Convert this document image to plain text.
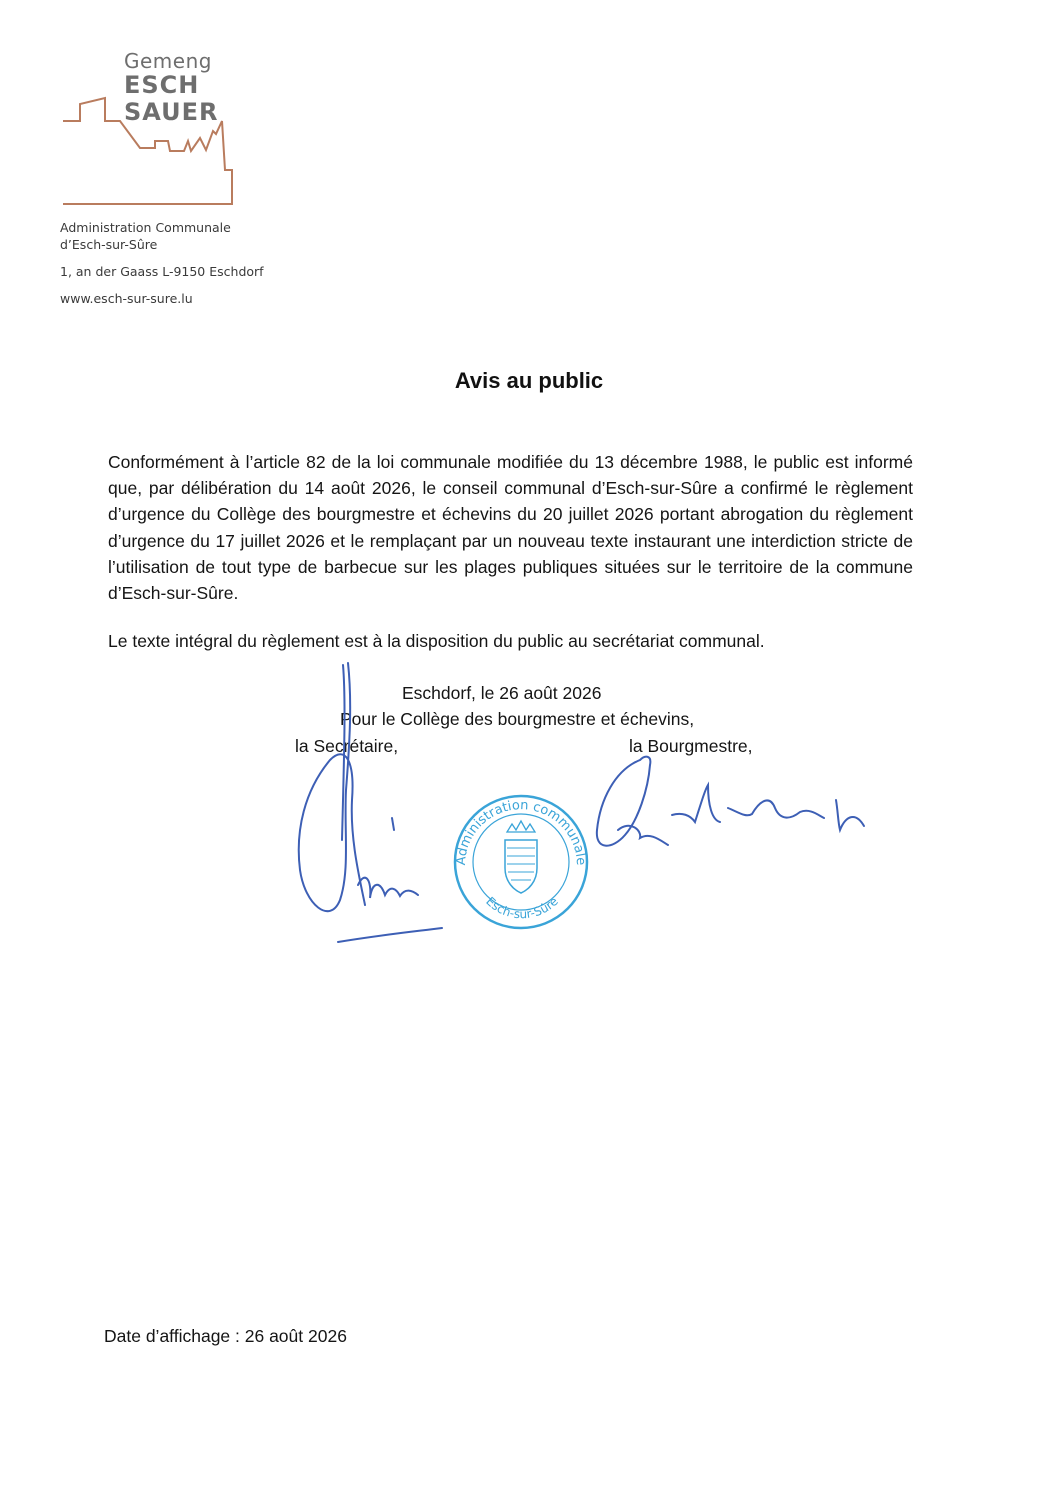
Gemeng
ESCH
SAUER
Administration Communale
d’Esch-sur-Sûre
1, an der Gaass L-9150 Eschdorf
www.esch-sur-sure.lu
Avis au public
Conformément à l’article 82 de la loi communale modifiée du 13 décembre 1988, le public est informé que, par délibération du 14 août 2026, le conseil communal d’Esch-sur-Sûre a confirmé le règlement d’urgence du Collège des bourgmestre et échevins du 20 juillet 2026 portant abrogation du règlement d’urgence du 17 juillet 2026 et le remplaçant par un nouveau texte instaurant une interdiction stricte de l’utilisation de tout type de barbecue sur les plages publiques situées sur le territoire de la commune d’Esch-sur-Sûre.
Le texte intégral du règlement est à la disposition du public au secrétariat communal.
Eschdorf, le 26 août 2026
Pour le Collège des bourgmestre et échevins,
la Secrétaire,	la Bourgmestre,
Administration communale
Esch-sur-Sûre
Date d’affichage : 26 août 2026
